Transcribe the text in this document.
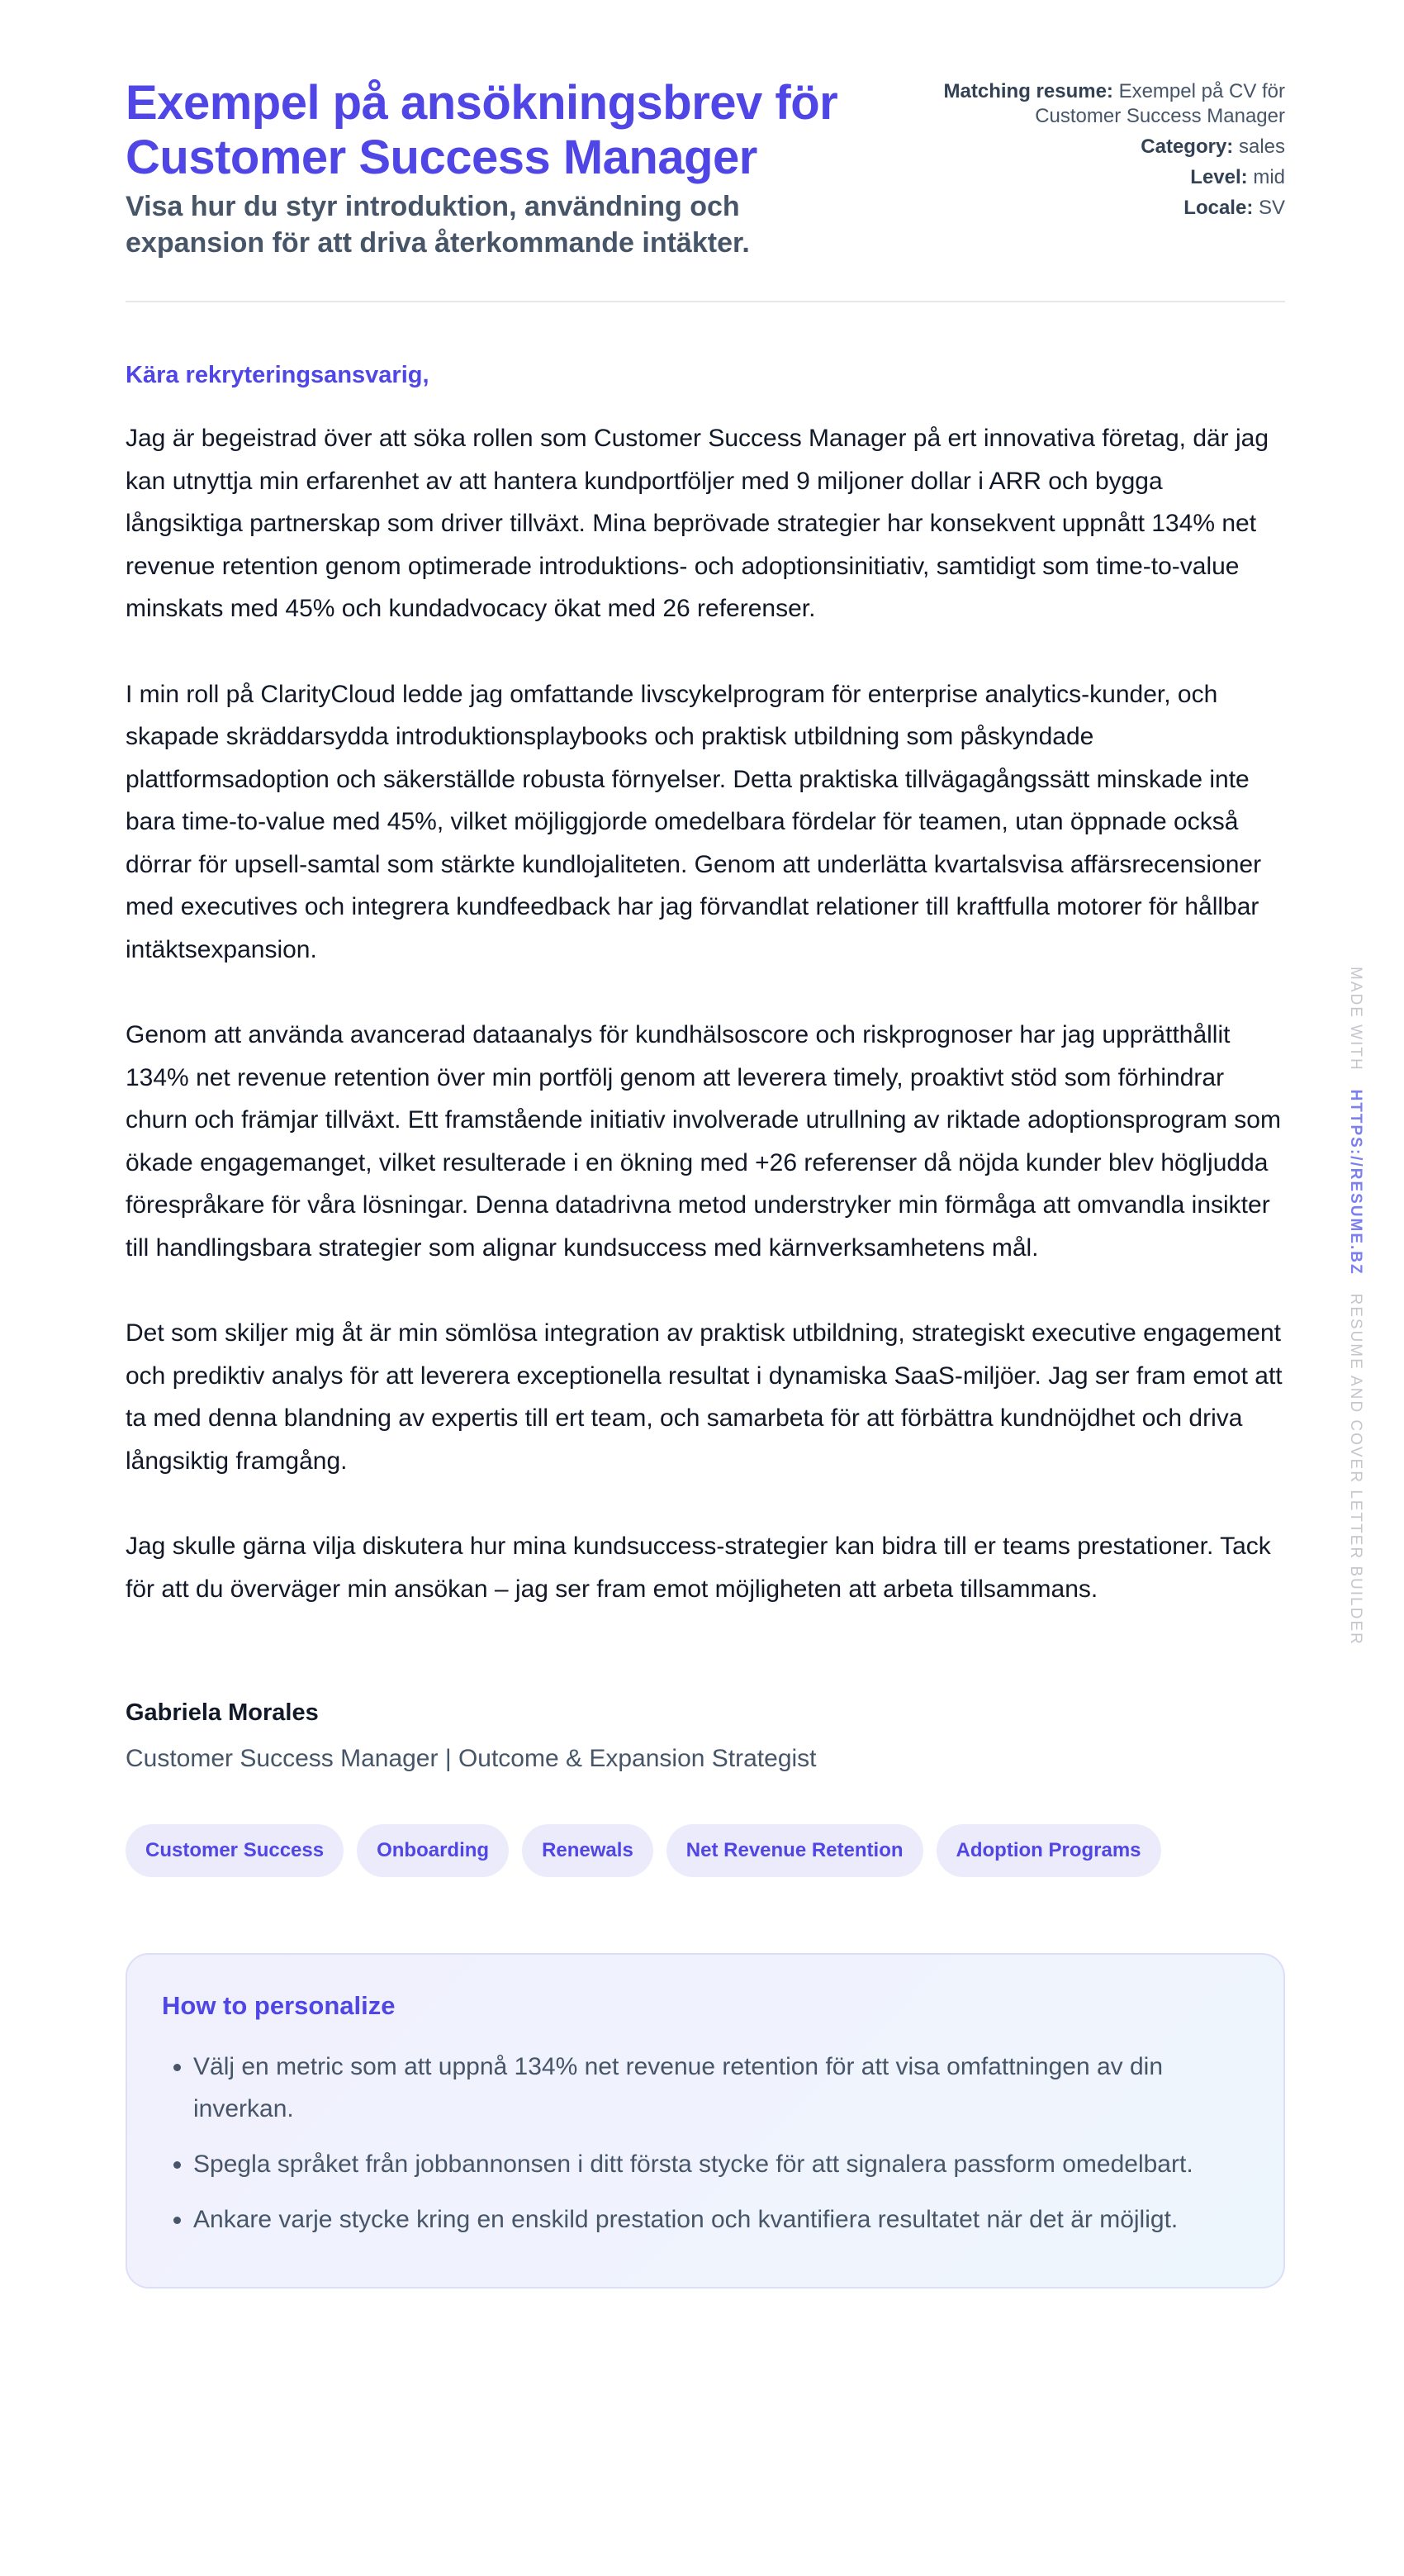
Exempel på ansökningsbrev för Customer Success Manager
Visa hur du styr introduktion, användning och expansion för att driva återkommande intäkter.
Matching resume: Exempel på CV för Customer Success Manager
Category: sales
Level: mid
Locale: SV
Kära rekryteringsansvarig,

Jag är begeistrad över att söka rollen som Customer Success Manager på ert innovativa företag, där jag kan utnyttja min erfarenhet av att hantera kundportföljer med 9 miljoner dollar i ARR och bygga långsiktiga partnerskap som driver tillväxt. Mina beprövade strategier har konsekvent uppnått 134% net revenue retention genom optimerade introduktions- och adoptionsinitiativ, samtidigt som time-to-value minskats med 45% och kundadvocacy ökat med 26 referenser.

I min roll på ClarityCloud ledde jag omfattande livscykelprogram för enterprise analytics-kunder, och skapade skräddarsydda introduktionsplaybooks och praktisk utbildning som påskyndade plattformsadoption och säkerställde robusta förnyelser. Detta praktiska tillvägagångssätt minskade inte bara time-to-value med 45%, vilket möjliggjorde omedelbara fördelar för teamen, utan öppnade också dörrar för upsell-samtal som stärkte kundlojaliteten. Genom att underlätta kvartalsvisa affärsrecensioner med executives och integrera kundfeedback har jag förvandlat relationer till kraftfulla motorer för hållbar intäktsexpansion.

Genom att använda avancerad dataanalys för kundhälsoscore och riskprognoser har jag upprätthållit 134% net revenue retention över min portfölj genom att leverera timely, proaktivt stöd som förhindrar churn och främjar tillväxt. Ett framstående initiativ involverade utrullning av riktade adoptionsprogram som ökade engagemanget, vilket resulterade i en ökning med +26 referenser då nöjda kunder blev högljudda förespråkare för våra lösningar. Denna datadrivna metod understryker min förmåga att omvandla insikter till handlingsbara strategier som alignar kundsuccess med kärnverksamhetens mål.

Det som skiljer mig åt är min sömlösa integration av praktisk utbildning, strategiskt executive engagement och prediktiv analys för att leverera exceptionella resultat i dynamiska SaaS-miljöer. Jag ser fram emot att ta med denna blandning av expertis till ert team, och samarbeta för att förbättra kundnöjdhet och driva långsiktig framgång.

Jag skulle gärna vilja diskutera hur mina kundsuccess-strategier kan bidra till er teams prestationer. Tack för att du överväger min ansökan – jag ser fram emot möjligheten att arbeta tillsammans.

Gabriela Morales
Customer Success Manager | Outcome & Expansion Strategist
Customer Success	Onboarding	Renewals	Net Revenue Retention	Adoption Programs
How to personalize
• Välj en metric som att uppnå 134% net revenue retention för att visa omfattningen av din inverkan.
• Spegla språket från jobbannonsen i ditt första stycke för att signalera passform omedelbart.
• Ankare varje stycke kring en enskild prestation och kvantifiera resultatet när det är möjligt.
MADE WITH   HTTPS://RESUME.BZ   RESUME AND COVER LETTER BUILDER
